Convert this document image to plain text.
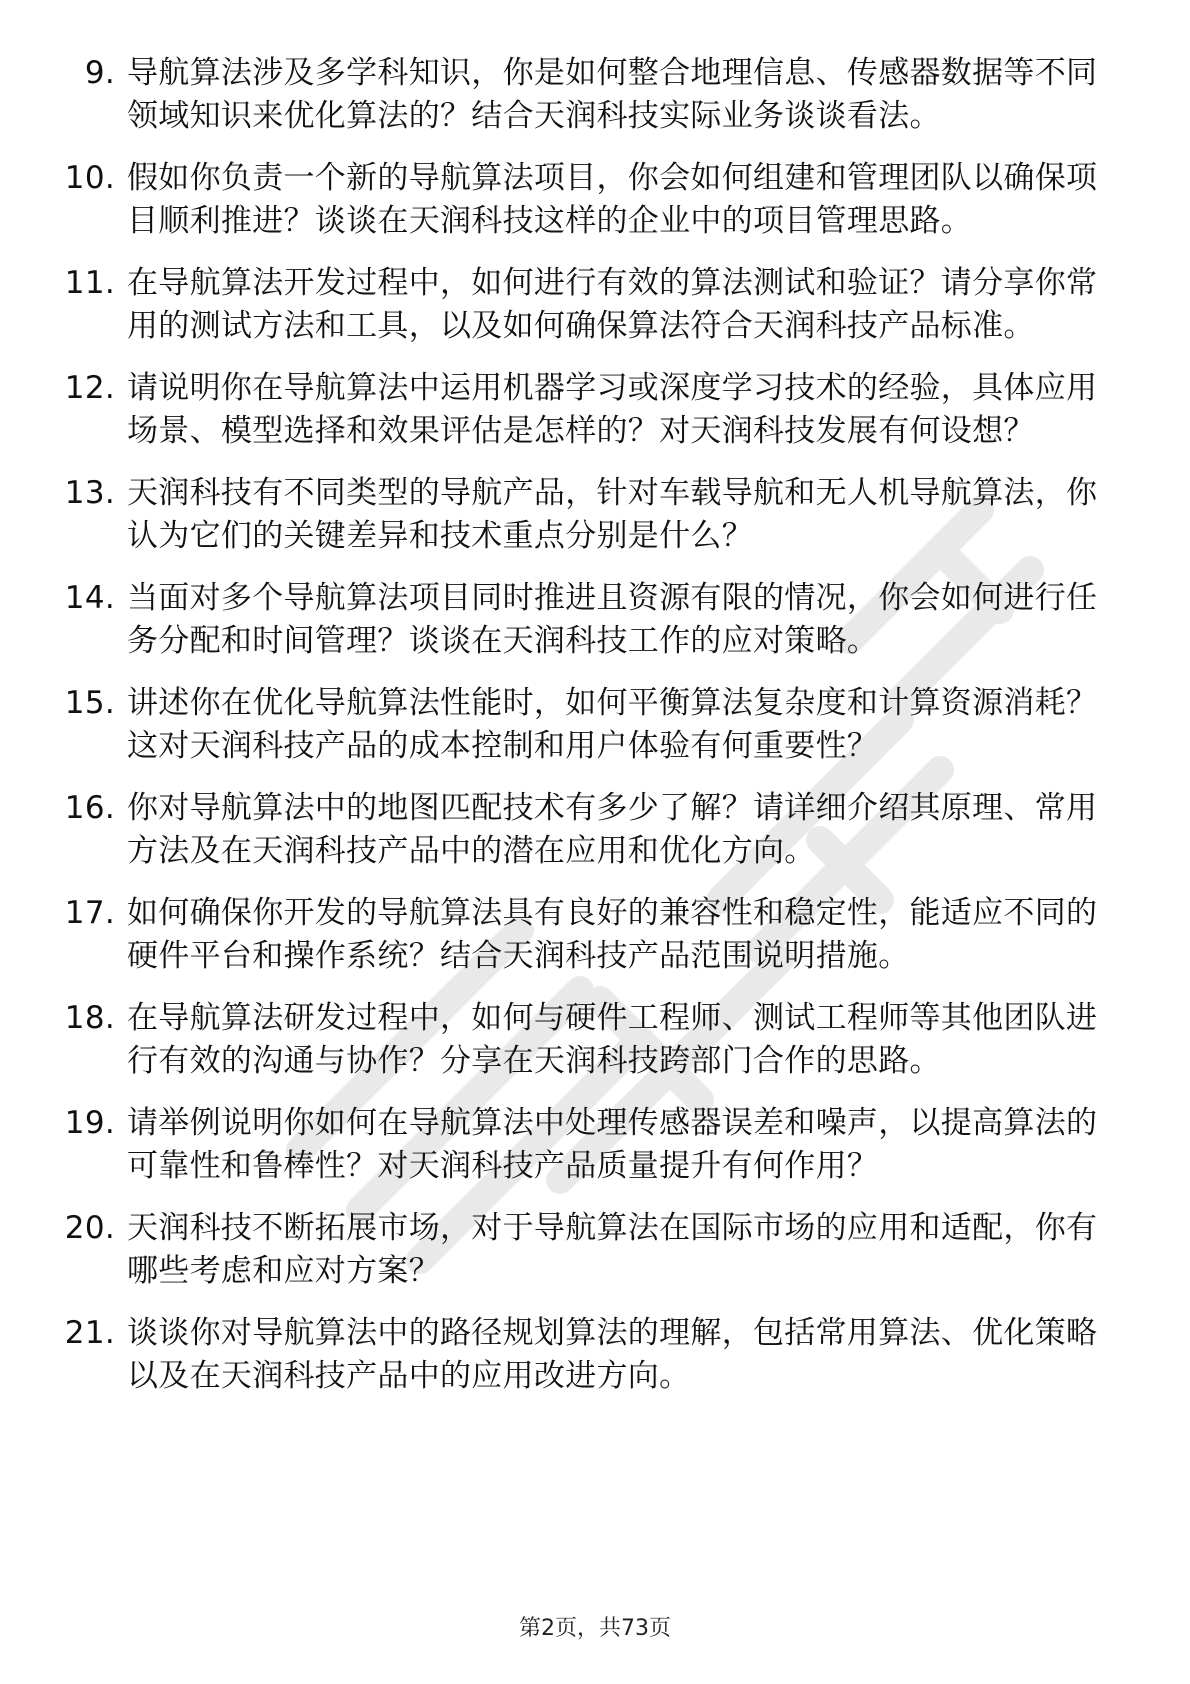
9. 导航算法涉及多学科知识，你是如何整合地理信息、传感器数据等不同领域知识来优化算法的？结合天润科技实际业务谈谈看法。
10. 假如你负责一个新的导航算法项目，你会如何组建和管理团队以确保项目顺利推进？谈谈在天润科技这样的企业中的项目管理思路。
11. 在导航算法开发过程中，如何进行有效的算法测试和验证？请分享你常用的测试方法和工具，以及如何确保算法符合天润科技产品标准。
12. 请说明你在导航算法中运用机器学习或深度学习技术的经验，具体应用场景、模型选择和效果评估是怎样的？对天润科技发展有何设想？
13. 天润科技有不同类型的导航产品，针对车载导航和无人机导航算法，你认为它们的关键差异和技术重点分别是什么？
14. 当面对多个导航算法项目同时推进且资源有限的情况，你会如何进行任务分配和时间管理？谈谈在天润科技工作的应对策略。
15. 讲述你在优化导航算法性能时，如何平衡算法复杂度和计算资源消耗？这对天润科技产品的成本控制和用户体验有何重要性？
16. 你对导航算法中的地图匹配技术有多少了解？请详细介绍其原理、常用方法及在天润科技产品中的潜在应用和优化方向。
17. 如何确保你开发的导航算法具有良好的兼容性和稳定性，能适应不同的硬件平台和操作系统？结合天润科技产品范围说明措施。
18. 在导航算法研发过程中，如何与硬件工程师、测试工程师等其他团队进行有效的沟通与协作？分享在天润科技跨部门合作的思路。
19. 请举例说明你如何在导航算法中处理传感器误差和噪声，以提高算法的可靠性和鲁棒性？对天润科技产品质量提升有何作用？
20. 天润科技不断拓展市场，对于导航算法在国际市场的应用和适配，你有哪些考虑和应对方案？
21. 谈谈你对导航算法中的路径规划算法的理解，包括常用算法、优化策略以及在天润科技产品中的应用改进方向。
第2页，共73页
